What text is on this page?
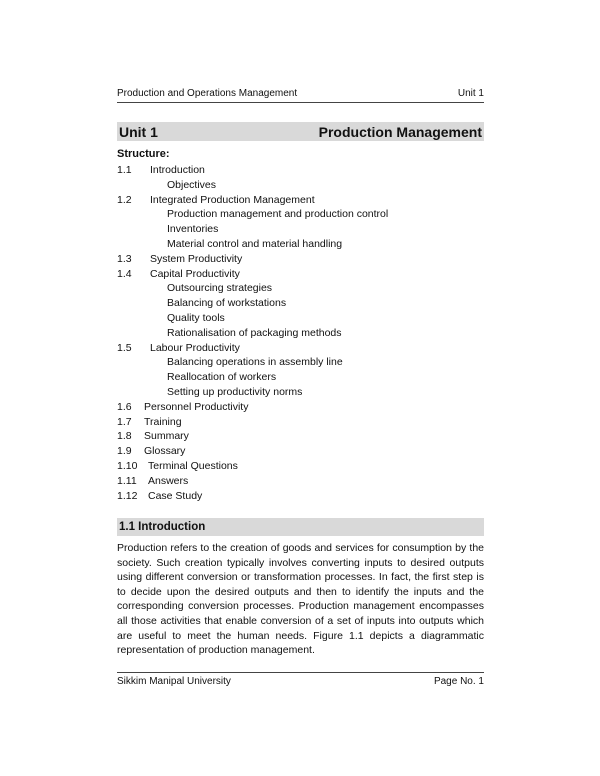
Production and Operations Management	Unit 1
Unit 1	Production Management
Structure:
1.1 Introduction
Objectives
1.2 Integrated Production Management
Production management and production control
Inventories
Material control and material handling
1.3 System Productivity
1.4 Capital Productivity
Outsourcing strategies
Balancing of workstations
Quality tools
Rationalisation of packaging methods
1.5 Labour Productivity
Balancing operations in assembly line
Reallocation of workers
Setting up productivity norms
1.6 Personnel Productivity
1.7 Training
1.8 Summary
1.9 Glossary
1.10 Terminal Questions
1.11 Answers
1.12 Case Study
1.1 Introduction

Production refers to the creation of goods and services for consumption by the society. Such creation typically involves converting inputs to desired outputs using different conversion or transformation processes. In fact, the first step is to decide upon the desired outputs and then to identify the inputs and the corresponding conversion processes. Production management encompasses all those activities that enable conversion of a set of inputs into outputs which are useful to meet the human needs. Figure 1.1 depicts a diagrammatic representation of production management.

Sikkim Manipal University	Page No. 1
